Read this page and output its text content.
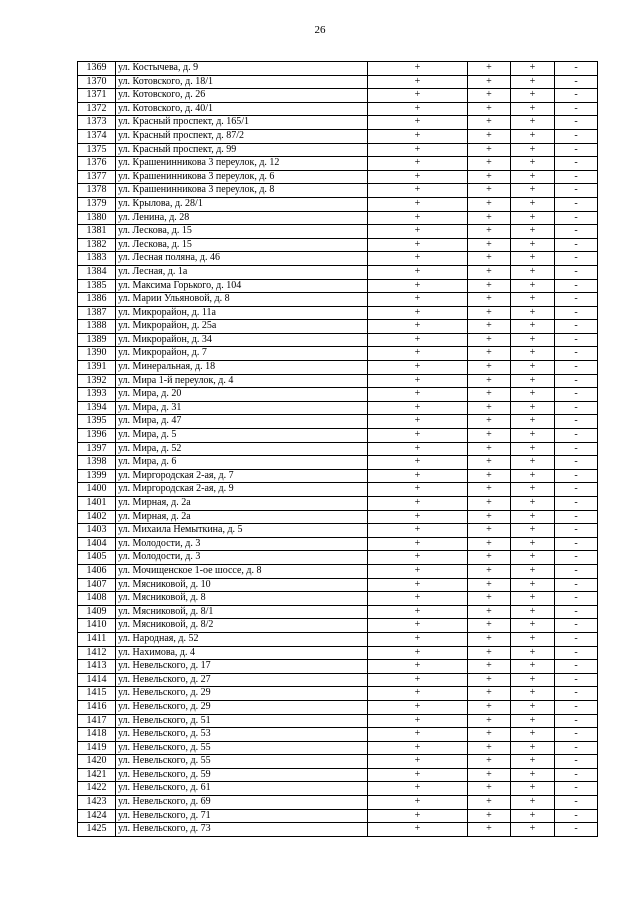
26
1369	ул. Костычева, д. 9	+	+	+	-
1370	ул. Котовского, д. 18/1	+	+	+	-
1371	ул. Котовского, д. 26	+	+	+	-
1372	ул. Котовского, д. 40/1	+	+	+	-
1373	ул. Красный проспект, д. 165/1	+	+	+	-
1374	ул. Красный проспект, д. 87/2	+	+	+	-
1375	ул. Красный проспект, д. 99	+	+	+	-
1376	ул. Крашенинникова 3 переулок, д. 12	+	+	+	-
1377	ул. Крашенинникова 3 переулок, д. 6	+	+	+	-
1378	ул. Крашенинникова 3 переулок, д. 8	+	+	+	-
1379	ул. Крылова, д. 28/1	+	+	+	-
1380	ул. Ленина, д. 28	+	+	+	-
1381	ул. Лескова, д. 15	+	+	+	-
1382	ул. Лескова, д. 15	+	+	+	-
1383	ул. Лесная поляна, д. 46	+	+	+	-
1384	ул. Лесная, д. 1а	+	+	+	-
1385	ул. Максима Горького, д. 104	+	+	+	-
1386	ул. Марии Ульяновой, д. 8	+	+	+	-
1387	ул. Микрорайон, д. 11а	+	+	+	-
1388	ул. Микрорайон, д. 25а	+	+	+	-
1389	ул. Микрорайон, д. 34	+	+	+	-
1390	ул. Микрорайон, д. 7	+	+	+	-
1391	ул. Минеральная, д. 18	+	+	+	-
1392	ул. Мира 1-й переулок, д. 4	+	+	+	-
1393	ул. Мира, д. 20	+	+	+	-
1394	ул. Мира, д. 31	+	+	+	-
1395	ул. Мира, д. 47	+	+	+	-
1396	ул. Мира, д. 5	+	+	+	-
1397	ул. Мира, д. 52	+	+	+	-
1398	ул. Мира, д. 6	+	+	+	-
1399	ул. Миргородская 2-ая, д. 7	+	+	+	-
1400	ул. Миргородская 2-ая, д. 9	+	+	+	-
1401	ул. Мирная, д. 2а	+	+	+	-
1402	ул. Мирная, д. 2а	+	+	+	-
1403	ул. Михаила Немыткина, д. 5	+	+	+	-
1404	ул. Молодости, д. 3	+	+	+	-
1405	ул. Молодости, д. 3	+	+	+	-
1406	ул. Мочищенское 1-ое шоссе, д. 8	+	+	+	-
1407	ул. Мясниковой, д. 10	+	+	+	-
1408	ул. Мясниковой, д. 8	+	+	+	-
1409	ул. Мясниковой, д. 8/1	+	+	+	-
1410	ул. Мясниковой, д. 8/2	+	+	+	-
1411	ул. Народная, д. 52	+	+	+	-
1412	ул. Нахимова, д. 4	+	+	+	-
1413	ул. Невельского, д. 17	+	+	+	-
1414	ул. Невельского, д. 27	+	+	+	-
1415	ул. Невельского, д. 29	+	+	+	-
1416	ул. Невельского, д. 29	+	+	+	-
1417	ул. Невельского, д. 51	+	+	+	-
1418	ул. Невельского, д. 53	+	+	+	-
1419	ул. Невельского, д. 55	+	+	+	-
1420	ул. Невельского, д. 55	+	+	+	-
1421	ул. Невельского, д. 59	+	+	+	-
1422	ул. Невельского, д. 61	+	+	+	-
1423	ул. Невельского, д. 69	+	+	+	-
1424	ул. Невельского, д. 71	+	+	+	-
1425	ул. Невельского, д. 73	+	+	+	-
